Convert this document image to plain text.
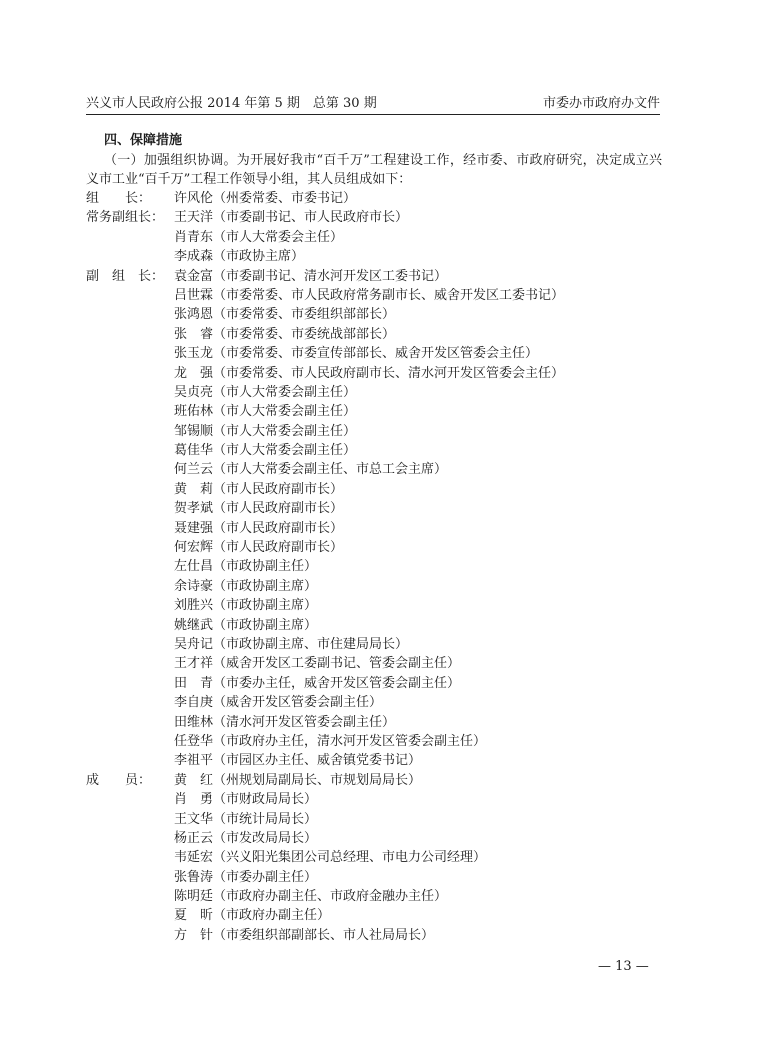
兴义市人民政府公报 2014 年第 5 期　总第 30 期	市委办市政府办文件
四、保障措施
（一）加强组织协调。为开展好我市“百千万”工程建设工作，经市委、市政府研究，决定成立兴义市工业“百千万”工程工作领导小组，其人员组成如下：
组　　长：	许风伦（州委常委、市委书记）
常务副组长： 王天洋（市委副书记、市人民政府市长）
肖青东（市人大常委会主任）
李成森（市政协主席）
副　组　长： 袁金富（市委副书记、清水河开发区工委书记）
吕世霖（市委常委、市人民政府常务副市长、威舍开发区工委书记）
张鸿恩（市委常委、市委组织部部长）
张　睿（市委常委、市委统战部部长）
张玉龙（市委常委、市委宣传部部长、威舍开发区管委会主任）
龙　强（市委常委、市人民政府副市长、清水河开发区管委会主任）
吴贞亮（市人大常委会副主任）
班佑林（市人大常委会副主任）
邹锡顺（市人大常委会副主任）
葛佳华（市人大常委会副主任）
何兰云（市人大常委会副主任、市总工会主席）
黄　莉（市人民政府副市长）
贺孝斌（市人民政府副市长）
聂建强（市人民政府副市长）
何宏辉（市人民政府副市长）
左仕昌（市政协副主任）
余诗豪（市政协副主席）
刘胜兴（市政协副主席）
姚继武（市政协副主席）
吴舟记（市政协副主席、市住建局局长）
王才祥（威舍开发区工委副书记、管委会副主任）
田　青（市委办主任，威舍开发区管委会副主任）
李自庚（威舍开发区管委会副主任）
田维林（清水河开发区管委会副主任）
任登华（市政府办主任，清水河开发区管委会副主任）
李祖平（市园区办主任、威舍镇党委书记）
成　　员：	黄　红（州规划局副局长、市规划局局长）
肖　勇（市财政局局长）
王文华（市统计局局长）
杨正云（市发改局局长）
韦延宏（兴义阳光集团公司总经理、市电力公司经理）
张鲁涛（市委办副主任）
陈明廷（市政府办副主任、市政府金融办主任）
夏　昕（市政府办副主任）
方　针（市委组织部副部长、市人社局局长）
— 13 —
